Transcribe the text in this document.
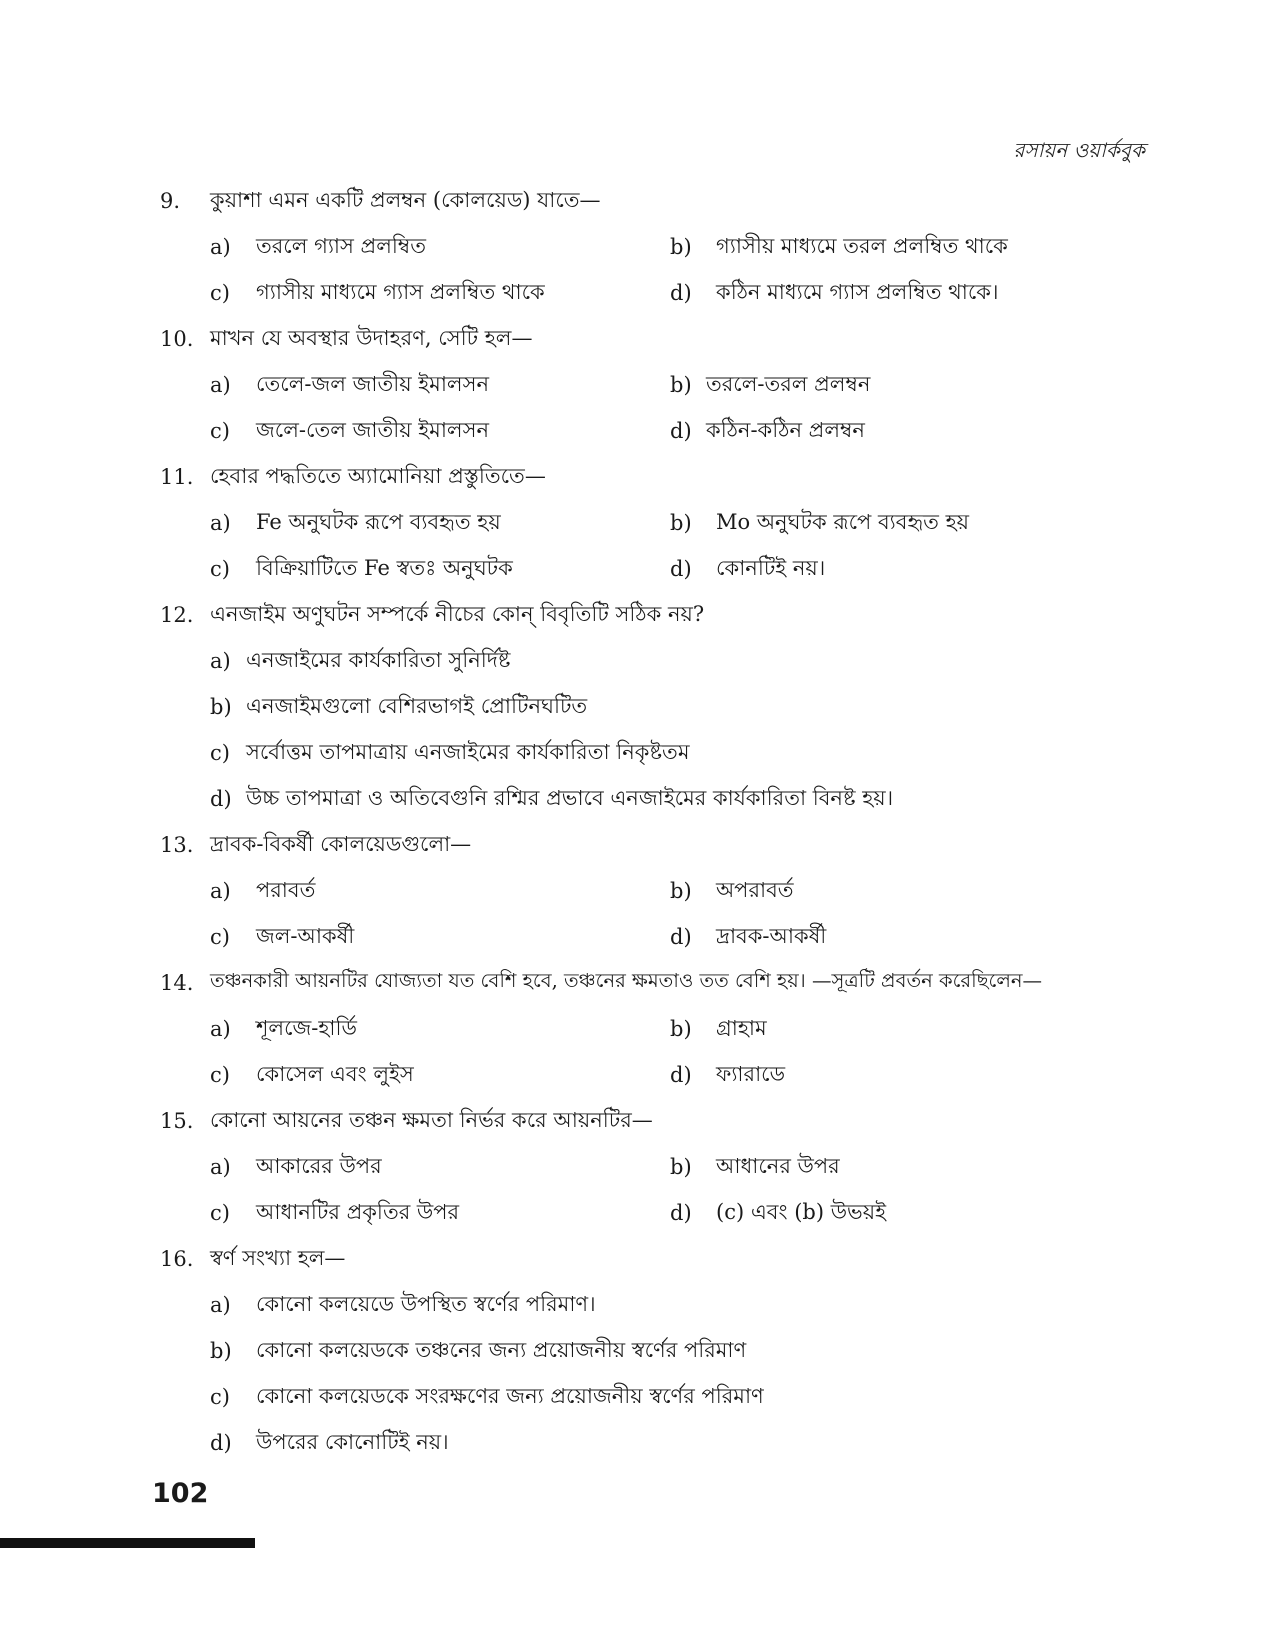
রসায়ন ওয়ার্কবুক
9.	কুয়াশা এমন একটি প্রলম্বন (কোলয়েড) যাতে—
a)	তরলে গ্যাস প্রলম্বিত	b)	গ্যাসীয় মাধ্যমে তরল প্রলম্বিত থাকে
c)	গ্যাসীয় মাধ্যমে গ্যাস প্রলম্বিত থাকে	d)	কঠিন মাধ্যমে গ্যাস প্রলম্বিত থাকে।
10. মাখন যে অবস্থার উদাহরণ, সেটি হল—
a)	তেলে-জল জাতীয় ইমালসন	b) তরলে-তরল প্রলম্বন
c)	জলে-তেল জাতীয় ইমালসন	d) কঠিন-কঠিন প্রলম্বন
11. হেবার পদ্ধতিতে অ্যামোনিয়া প্রস্তুতিতে—
a)	Fe অনুঘটক রূপে ব্যবহৃত হয়	b)	Mo অনুঘটক রূপে ব্যবহৃত হয়
c)	বিক্রিয়াটিতে Fe স্বতঃ অনুঘটক	d)	কোনটিই নয়।
12. এনজাইম অণুঘটন সম্পর্কে নীচের কোন্ বিবৃতিটি সঠিক নয়?
a) এনজাইমের কার্যকারিতা সুনির্দিষ্ট
b) এনজাইমগুলো বেশিরভাগই প্রোটিনঘটিত
c) সর্বোত্তম তাপমাত্রায় এনজাইমের কার্যকারিতা নিকৃষ্টতম
d) উচ্চ তাপমাত্রা ও অতিবেগুনি রশ্মির প্রভাবে এনজাইমের কার্যকারিতা বিনষ্ট হয়।
13. দ্রাবক-বিকর্ষী কোলয়েডগুলো—
a)	পরাবর্ত	b)	অপরাবর্ত
c)	জল-আকর্ষী	d)	দ্রাবক-আকর্ষী
14. তঞ্চনকারী আয়নটির যোজ্যতা যত বেশি হবে, তঞ্চনের ক্ষমতাও তত বেশি হয়। —সূত্রটি প্রবর্তন করেছিলেন—
a)	শূলজে-হার্ডি	b)	গ্রাহাম
c)	কোসেল এবং লুইস	d)	ফ্যারাডে
15. কোনো আয়নের তঞ্চন ক্ষমতা নির্ভর করে আয়নটির—
a)	আকারের উপর	b)	আধানের উপর
c)	আধানটির প্রকৃতির উপর	d)	(c) এবং (b) উভয়ই
16. স্বর্ণ সংখ্যা হল—
a)	কোনো কলয়েডে উপস্থিত স্বর্ণের পরিমাণ।
b)	কোনো কলয়েডকে তঞ্চনের জন্য প্রয়োজনীয় স্বর্ণের পরিমাণ
c)	কোনো কলয়েডকে সংরক্ষণের জন্য প্রয়োজনীয় স্বর্ণের পরিমাণ
d)	উপরের কোনোটিই নয়।
102
